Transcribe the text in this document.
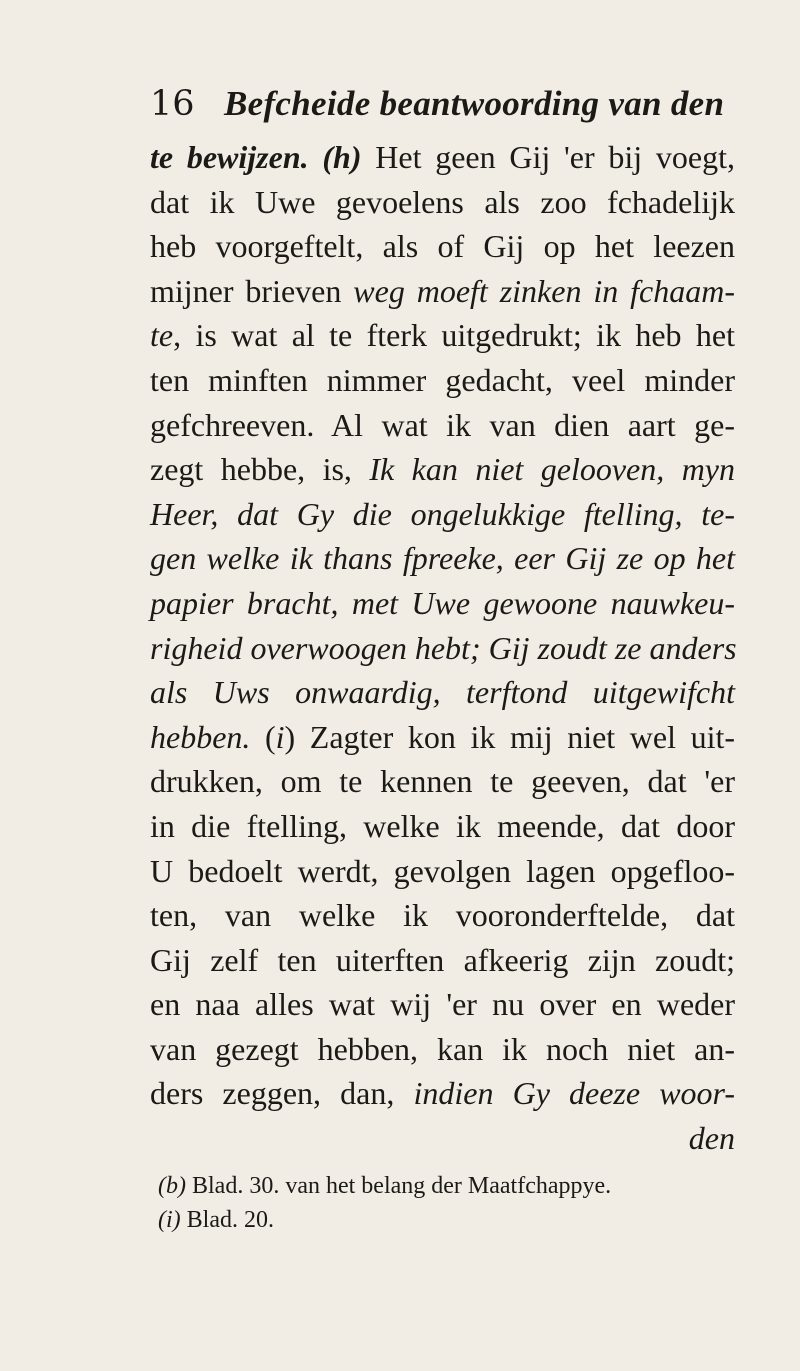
16 Befcheide beantwoording van den
te bewijzen. (h) Het geen Gij 'er bij voegt,
dat ik Uwe gevoelens als zoo fchadelijk
heb voorgeftelt, als of Gij op het leezen
mijner brieven weg moeft zinken in fchaam-
te, is wat al te fterk uitgedrukt; ik heb het
ten minften nimmer gedacht, veel minder
gefchreeven. Al wat ik van dien aart ge-
zegt hebbe, is, Ik kan niet gelooven, myn
Heer, dat Gy die ongelukkige ftelling, te-
gen welke ik thans fpreeke, eer Gij ze op het
papier bracht, met Uwe gewoone nauwkeu-
righeid overwoogen hebt; Gij zoudt ze anders
als Uws onwaardig, terftond uitgewifcht
hebben. (i) Zagter kon ik mij niet wel uit-
drukken, om te kennen te geeven, dat 'er
in die ftelling, welke ik meende, dat door
U bedoelt werdt, gevolgen lagen opgefloo-
ten, van welke ik vooronderftelde, dat
Gij zelf ten uiterften afkeerig zijn zoudt;
en naa alles wat wij 'er nu over en weder
van gezegt hebben, kan ik noch niet an-
ders zeggen, dan, indien Gy deeze woor-
den
(b) Blad. 30. van het belang der Maatfchappye.
(i) Blad. 20.
